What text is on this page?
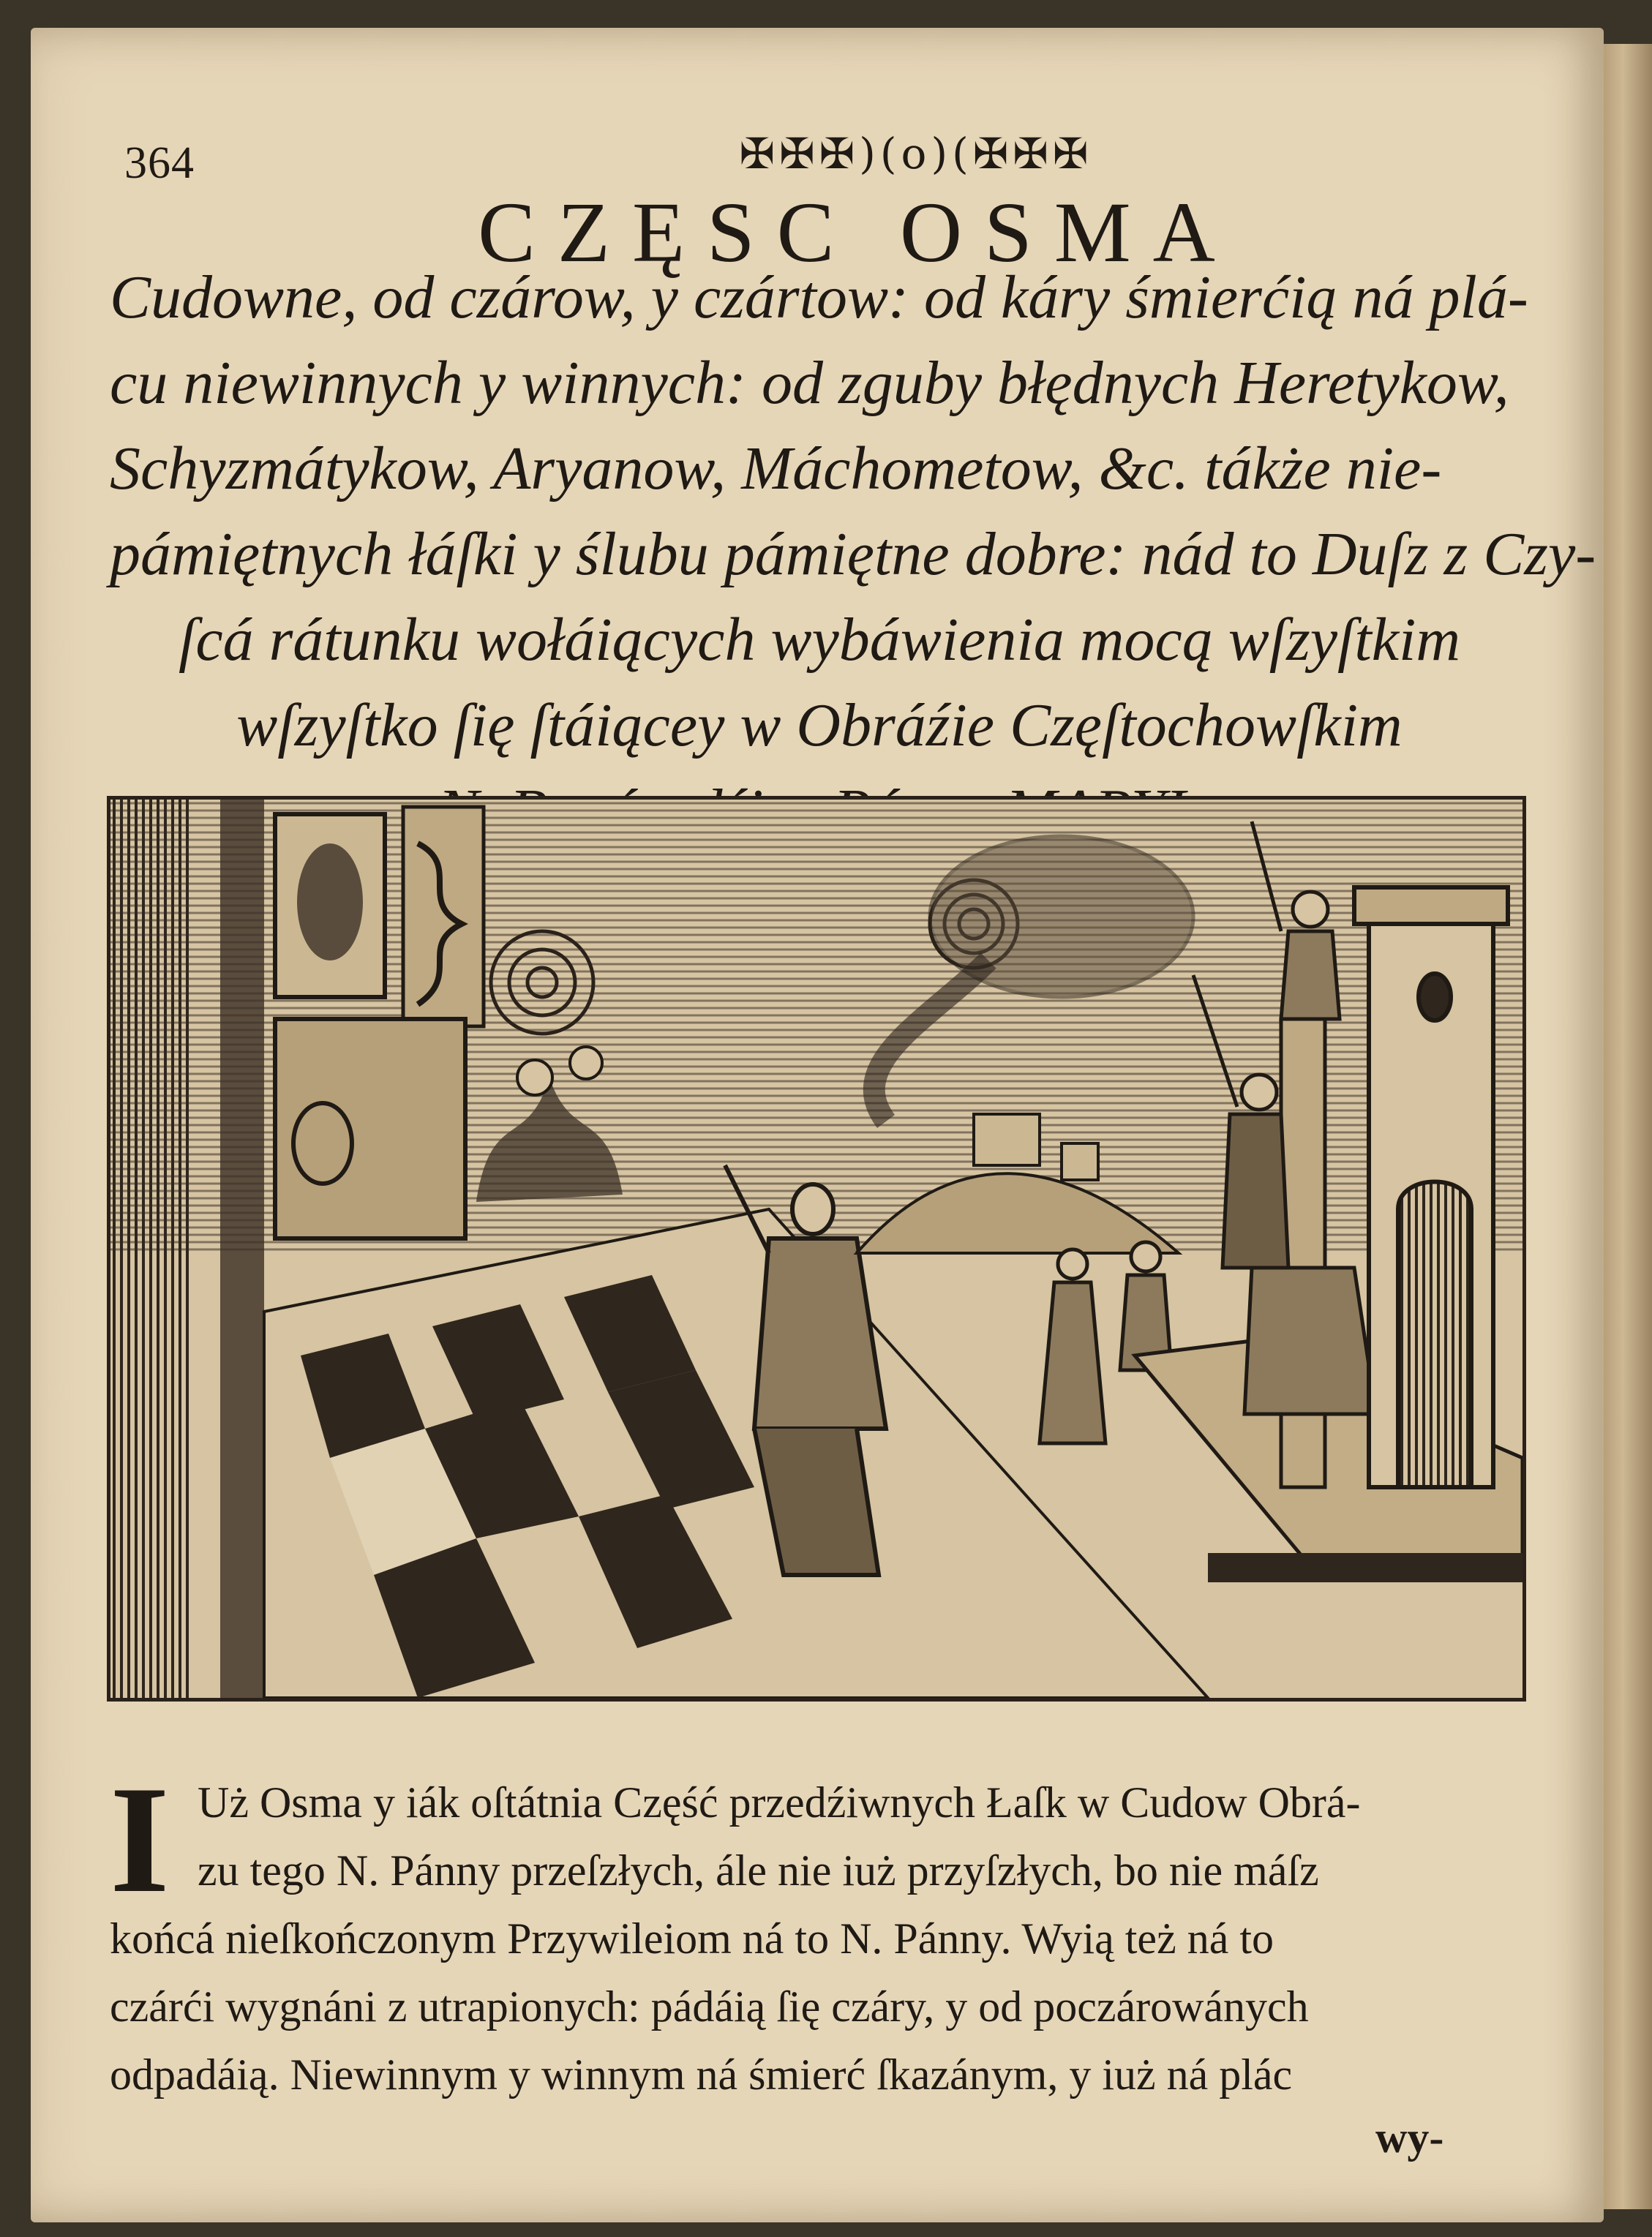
364	✠✠✠)(o)(✠✠✠
CZĘSC OSMA
Cudowne, od czárow, y czártow: od káry śmierćią ná plá-
cu niewinnych y winnych: od zguby błędnych Heretykow,
Schyzmátykow, Aryanow, Máchometow, &c. tákże nie-
pámiętnych łáſki y ślubu pámiętne dobre: nád to Duſz z Czy-
ſcá rátunku wołáiących wybáwienia mocą wſzyſtkim
wſzyſtko ſię ſtáiącey w Obráźie Częſtochowſkim
I Uż Osma y iák oſtátnia Część przedźiwnych Łaſk w Cudow Obrá-
zu tego N. Pánny przeſzłych, ále nie iuż przyſzłych, bo nie máſz
końcá nieſkończonym Przywileiom ná to N. Pánny. Wyią też ná to
czárći wygnáni z utrapionych: pádáią ſię czáry, y od poczárowánych
odpadáią. Niewinnym y winnym ná śmierć ſkazánym, y iuż ná plác
wy-
